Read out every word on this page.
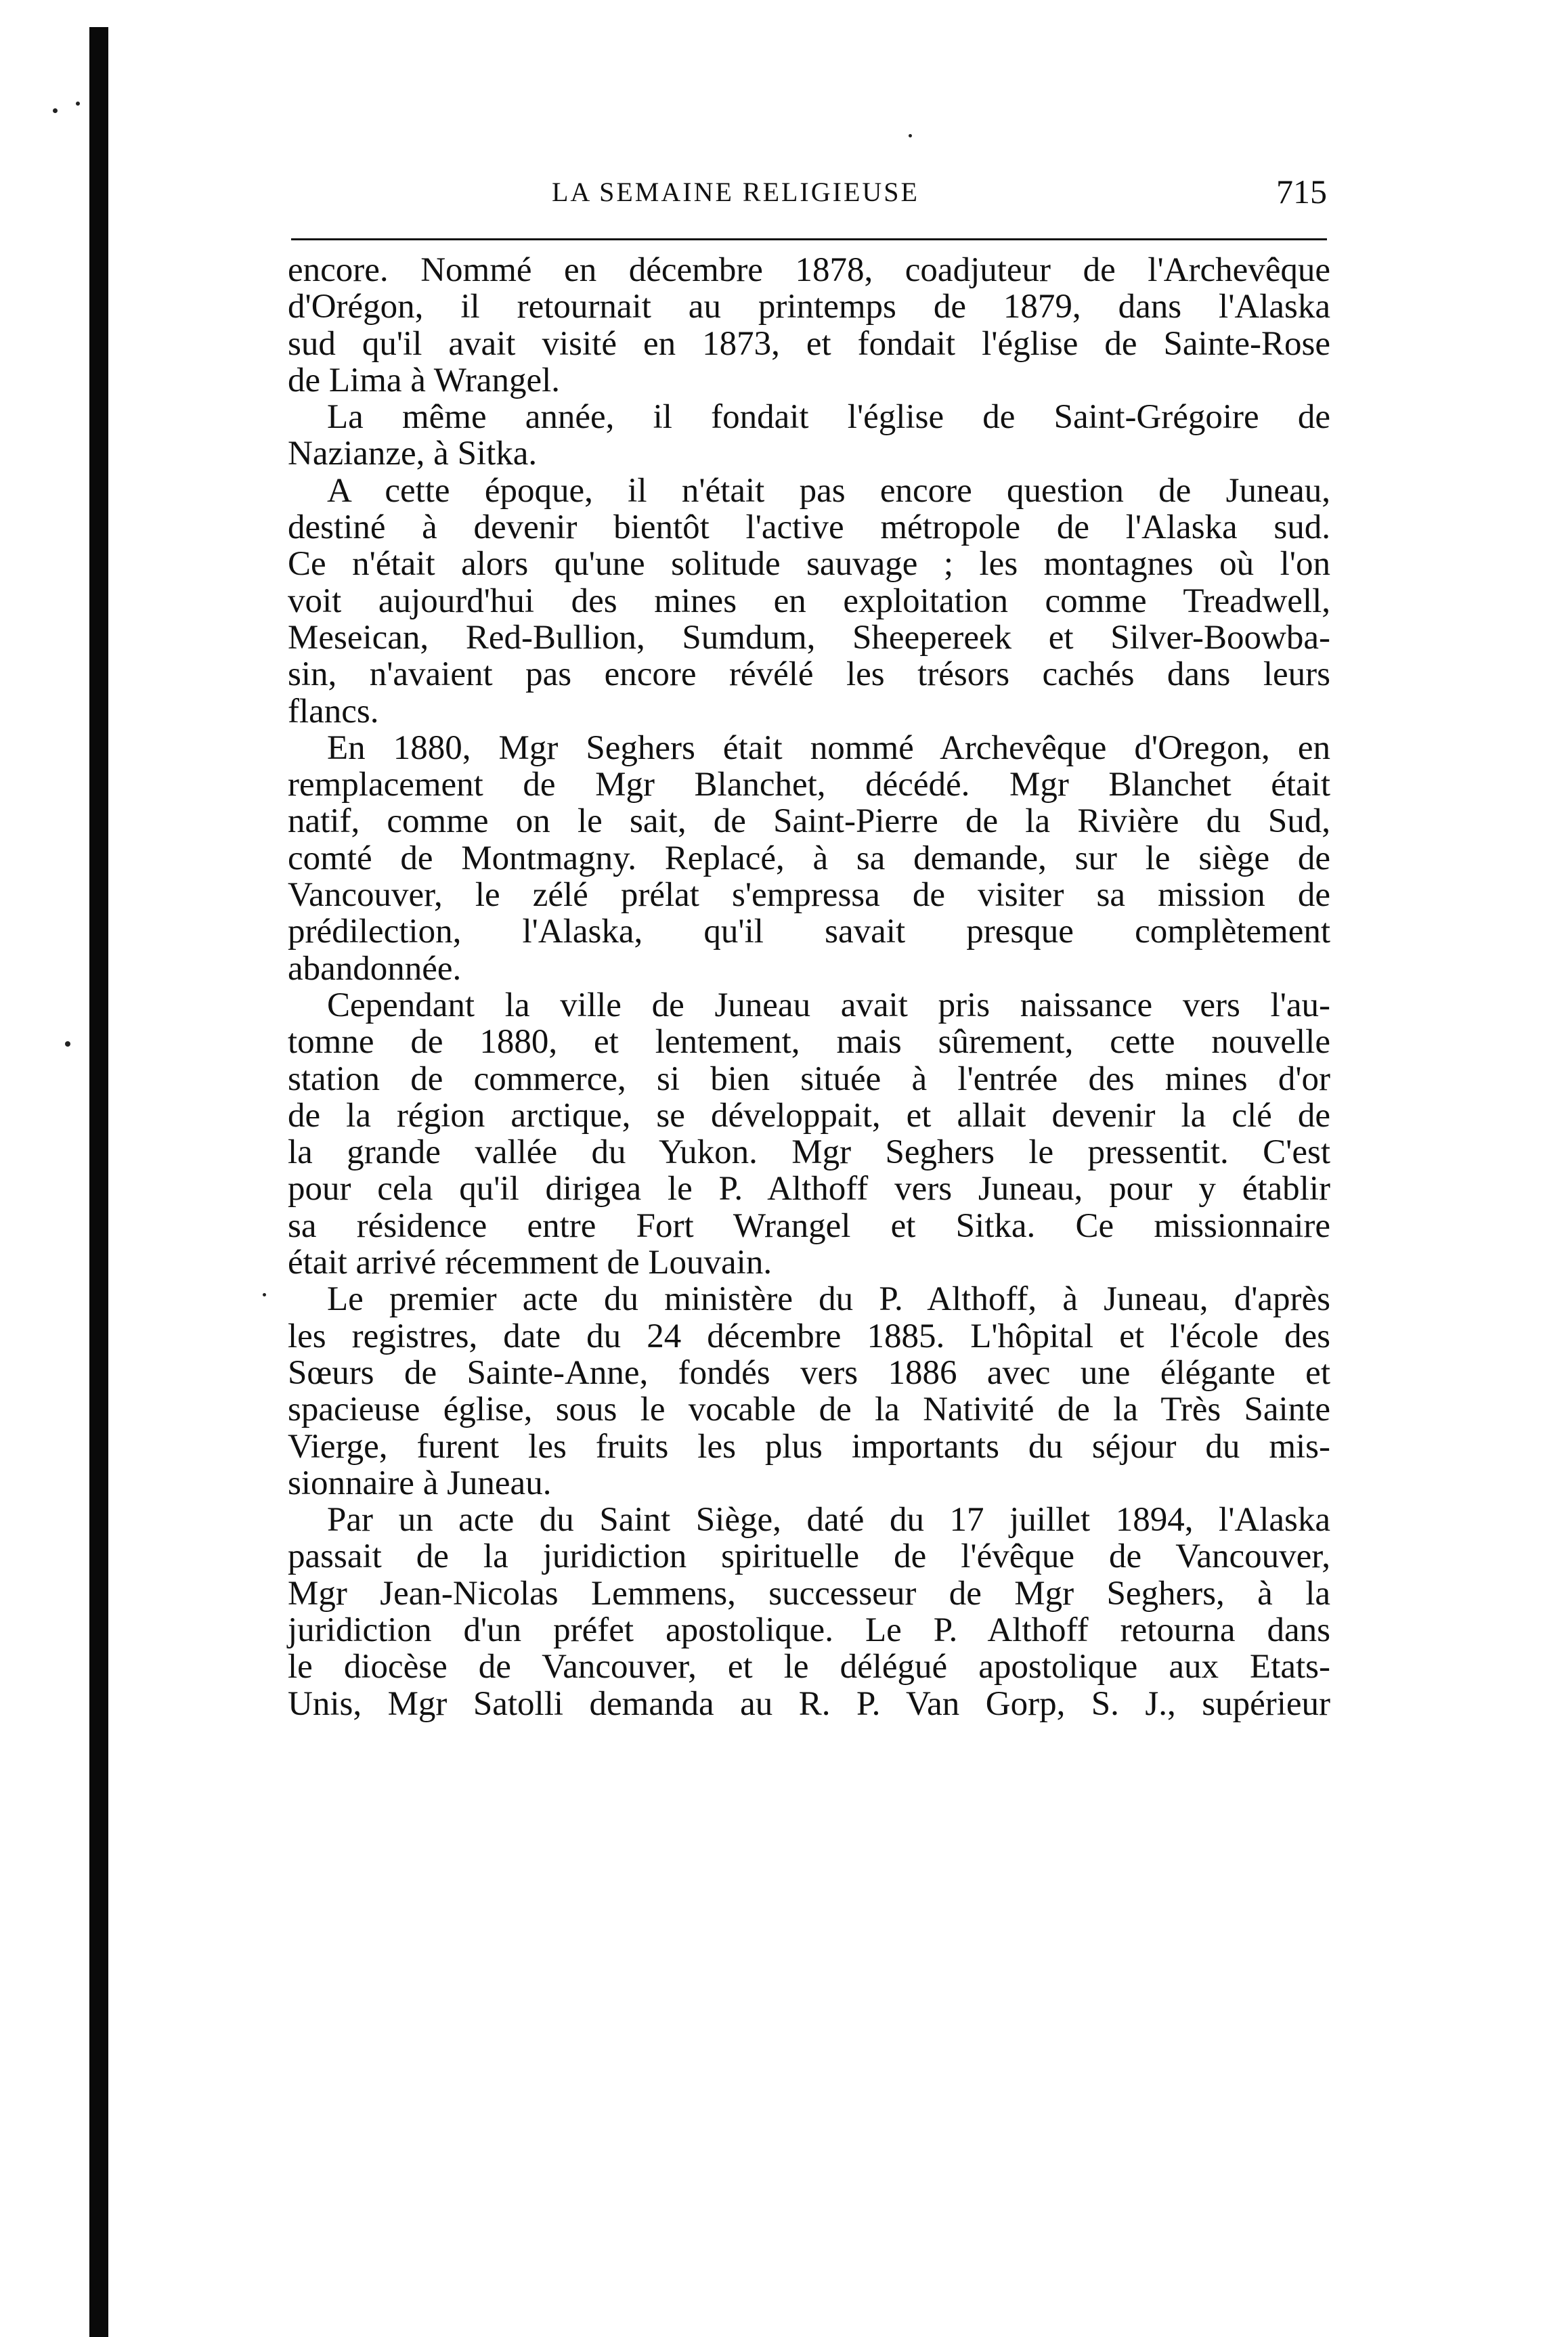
LA SEMAINE RELIGIEUSE	715
encore. Nommé en décembre 1878, coadjuteur de l'Archevêque
d'Orégon, il retournait au printemps de 1879, dans l'Alaska
sud qu'il avait visité en 1873, et fondait l'église de Sainte-Rose
de Lima à Wrangel.
La même année, il fondait l'église de Saint-Grégoire de
Nazianze, à Sitka.
A cette époque, il n'était pas encore question de Juneau,
destiné à devenir bientôt l'active métropole de l'Alaska sud.
Ce n'était alors qu'une solitude sauvage ; les montagnes où l'on
voit aujourd'hui des mines en exploitation comme Treadwell,
Meseican, Red-Bullion, Sumdum, Sheepereek et Silver-Boowba-
sin, n'avaient pas encore révélé les trésors cachés dans leurs
flancs.
En 1880, Mgr Seghers était nommé Archevêque d'Oregon, en
remplacement de Mgr Blanchet, décédé. Mgr Blanchet était
natif, comme on le sait, de Saint-Pierre de la Rivière du Sud,
comté de Montmagny. Replacé, à sa demande, sur le siège de
Vancouver, le zélé prélat s'empressa de visiter sa mission de
prédilection, l'Alaska, qu'il savait presque complètement
abandonnée.
Cependant la ville de Juneau avait pris naissance vers l'au-
tomne de 1880, et lentement, mais sûrement, cette nouvelle
station de commerce, si bien située à l'entrée des mines d'or
de la région arctique, se développait, et allait devenir la clé de
la grande vallée du Yukon. Mgr Seghers le pressentit. C'est
pour cela qu'il dirigea le P. Althoff vers Juneau, pour y établir
sa résidence entre Fort Wrangel et Sitka. Ce missionnaire
était arrivé récemment de Louvain.
Le premier acte du ministère du P. Althoff, à Juneau, d'après
les registres, date du 24 décembre 1885. L'hôpital et l'école des
Sœurs de Sainte-Anne, fondés vers 1886 avec une élégante et
spacieuse église, sous le vocable de la Nativité de la Très Sainte
Vierge, furent les fruits les plus importants du séjour du mis-
sionnaire à Juneau.
Par un acte du Saint Siège, daté du 17 juillet 1894, l'Alaska
passait de la juridiction spirituelle de l'évêque de Vancouver,
Mgr Jean-Nicolas Lemmens, successeur de Mgr Seghers, à la
juridiction d'un préfet apostolique. Le P. Althoff retourna dans
le diocèse de Vancouver, et le délégué apostolique aux Etats-
Unis, Mgr Satolli demanda au R. P. Van Gorp, S. J., supérieur
